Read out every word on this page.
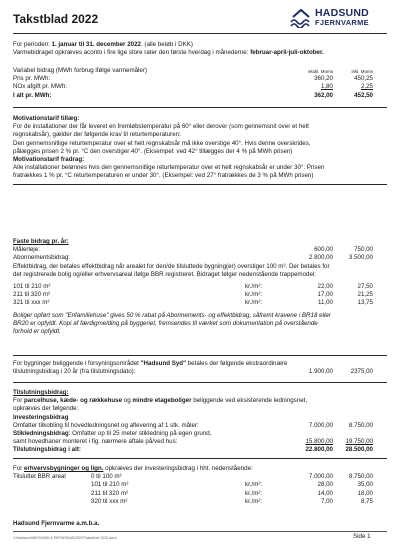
Takstblad 2022	HADSUND
FJERNVARME
For perioden: 1. januar til 31. december 2022. (alle beløb i DKK)
Varmebidraget opkræves aconto i fire lige store rater den første hverdag i månederne: februar-april-juli-oktober.
Variabel bidrag (MWh forbrug ifølge varmemåler)	ekskl. Moms	inkl. Moms
Pris pr. MWh:	360,20	450,25
NOx afgift pr. MWh:	1,80	2,25
I alt pr. MWh:	362,00	452,50
Motivationstarif tillæg:
For de installationer der får leveret en fremløbstemperatur på 60° eller derover (som gennemsnit over et helt
regnskabsår), gælder der følgende krav til returtemperaturen:
Den gennemsnitlige returtemperatur over et helt regnskabsår må ikke overstige 40°. Hvis denne overskrides,
pålægges prisen 2 % pr. °C den overstiger 40°. (Eksempel: ved 42° tillægges der 4 % på MWh prisen)
Motivationstarif fradrag:
Alle installationer belønnes hvis den gennemsnitlige returtemperatur over et helt regnskabsår er under 30°. Prisen
fratrækkes 1 % pr. °C returtemperaturen er under 30°. (Eksempel: ved 27° fratrækkes de 3 % på MWh prisen)
Faste bidrag pr. år:
Målerleje:	600,00	750,00
Abonnementsbidrag:	2.800,00	3.500,00
Effektbidrag, der betales effektbidrag når arealet for den/de tilsluttede bygning(er) overstiger 100 m². Der betales for
det registrerede bolig og/eller erhvervsareal ifølge BBR registreret. Bidraget følger nedenstående trappemodel:
101 til 210 m²	kr./m²:	22,00	27,50
211 til 320 m²	kr./m²:	17,00	21,25
321 til xxx m²	kr./m²:	11,00	13,75
Boliger opført som "Enfamiliehuse" gives 50 % rabat på Abonnements- og effektbidrag, såfremt kravene i BR18 eller
BR20 er opfyldt. Kopi af færdigmelding på byggeriet, fremsendes til værket som dokumentation på overstående
forhold er opfyldt.
For bygninger beliggende i forsyningsområdet "Hadsund Syd" betales der følgende ekstraordinære
tilslutningsbidrag i 20 år (fra tilslutningsdato):	1.900,00	2375,00
Tilslutningsbidrag:
For parcelhuse, kæde- og rækkehuse og mindre etageboliger beliggende ved eksisterende ledningsnet,
opkræves der følgende:
Investeringsbidrag
Omfatter tilkobling til hovedledningsnet og aflevering af 1 stk. måler:	7.000,00	8.750,00
Stikledningsbidrag: Omfatter op til 25 meter stikledning på egen grund,
samt hovedhaner monteret i fig. nærmere aftale på/ved hus:	15.800,00	19.750,00
Tilslutningsbidrag i alt:	22.800,00	28.500,00
For erhvervsbygninger og lign. opkræves der investeringsbidrag i hht. nedenstående:
Tilsluttet BBR areal	0 til 100 m²	7.000,00	8.750,00
101 til 210 m²	kr./m²:	28,00	35,00
211 til 320 m²	kr./m²:	14,00	18,00
320 til xxx m²	kr./m²:	7,00	8,75
Hadsund Fjernvarme a.m.b.a.
J:\Hadsund\ØKONOMI & REGNSKAB\2022\Takstblad 2022.docx	Side 1
